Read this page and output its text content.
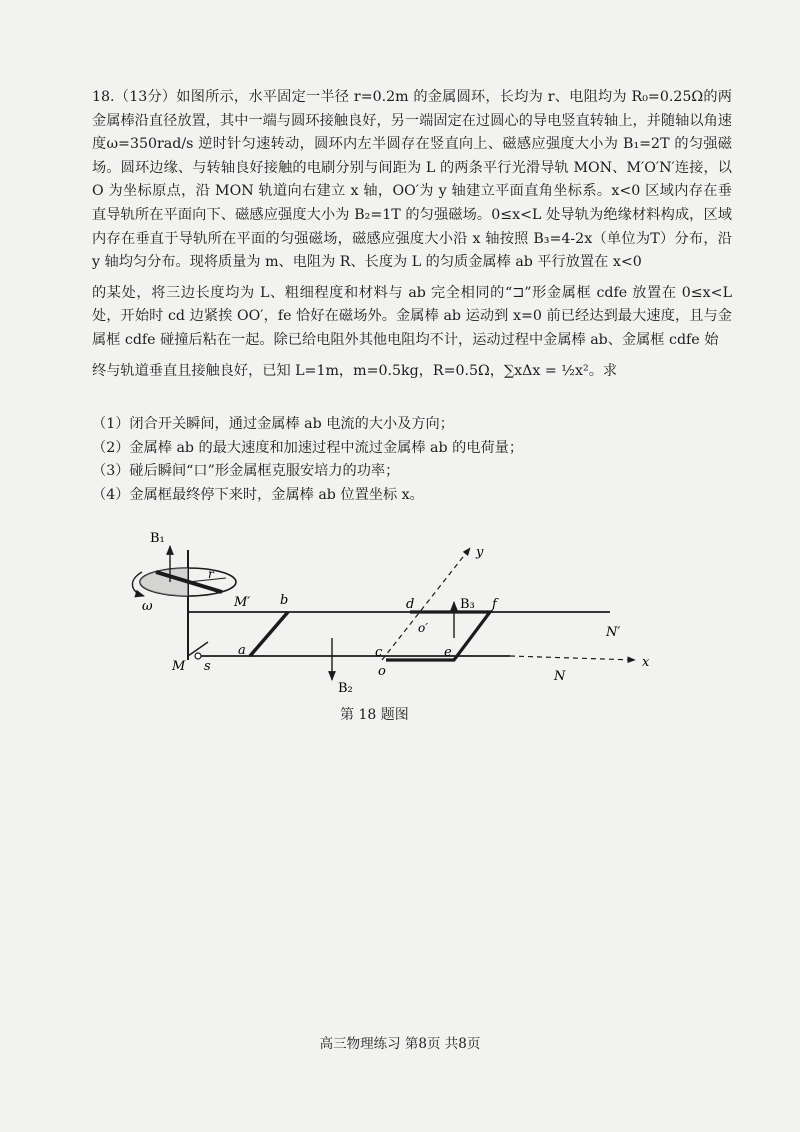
18.（13分）如图所示，水平固定一半径 r=0.2m 的金属圆环，长均为 r、电阻均为 R₀=0.25Ω的两金属棒沿直径放置，其中一端与圆环接触良好，另一端固定在过圆心的导电竖直转轴上，并随轴以角速度ω=350rad/s 逆时针匀速转动，圆环内左半圆存在竖直向上、磁感应强度大小为 B₁=2T 的匀强磁场。圆环边缘、与转轴良好接触的电刷分别与间距为 L 的两条平行光滑导轨 MON、M′O′N′连接，以 O 为坐标原点，沿 MON 轨道向右建立 x 轴，OO′为 y 轴建立平面直角坐标系。x<0 区域内存在垂直导轨所在平面向下、磁感应强度大小为 B₂=1T 的匀强磁场。0≤x<L 处导轨为绝缘材料构成，区域内存在垂直于导轨所在平面的匀强磁场，磁感应强度大小沿 x 轴按照 B₃=4-2x（单位为T）分布，沿 y 轴均匀分布。现将质量为 m、电阻为 R、长度为 L 的匀质金属棒 ab 平行放置在 x<0

的某处，将三边长度均为 L、粗细程度和材料与 ab 完全相同的“⊐”形金属框 cdfe 放置在 0≤x<L 处，开始时 cd 边紧挨 OO′，fe 恰好在磁场外。金属棒 ab 运动到 x=0 前已经达到最大速度，且与金属框 cdfe 碰撞后粘在一起。除已给电阻外其他电阻均不计，运动过程中金属棒 ab、金属框 cdfe 始

终与轨道垂直且接触良好，已知 L=1m，m=0.5kg，R=0.5Ω，∑xΔx = ½x²。求

（1）闭合开关瞬间，通过金属棒 ab 电流的大小及方向；
（2）金属棒 ab 的最大速度和加速过程中流过金属棒 ab 的电荷量；
（3）碰后瞬间“口”形金属框克服安培力的功率；
（4）金属框最终停下来时，金属棒 ab 位置坐标 x。
B₁
r
ω	M′ b
a
M s
B₂
d
o′
B₃ f
c	e
o	N
N′
x
y
第 18 题图
高三物理练习 第8页 共8页
